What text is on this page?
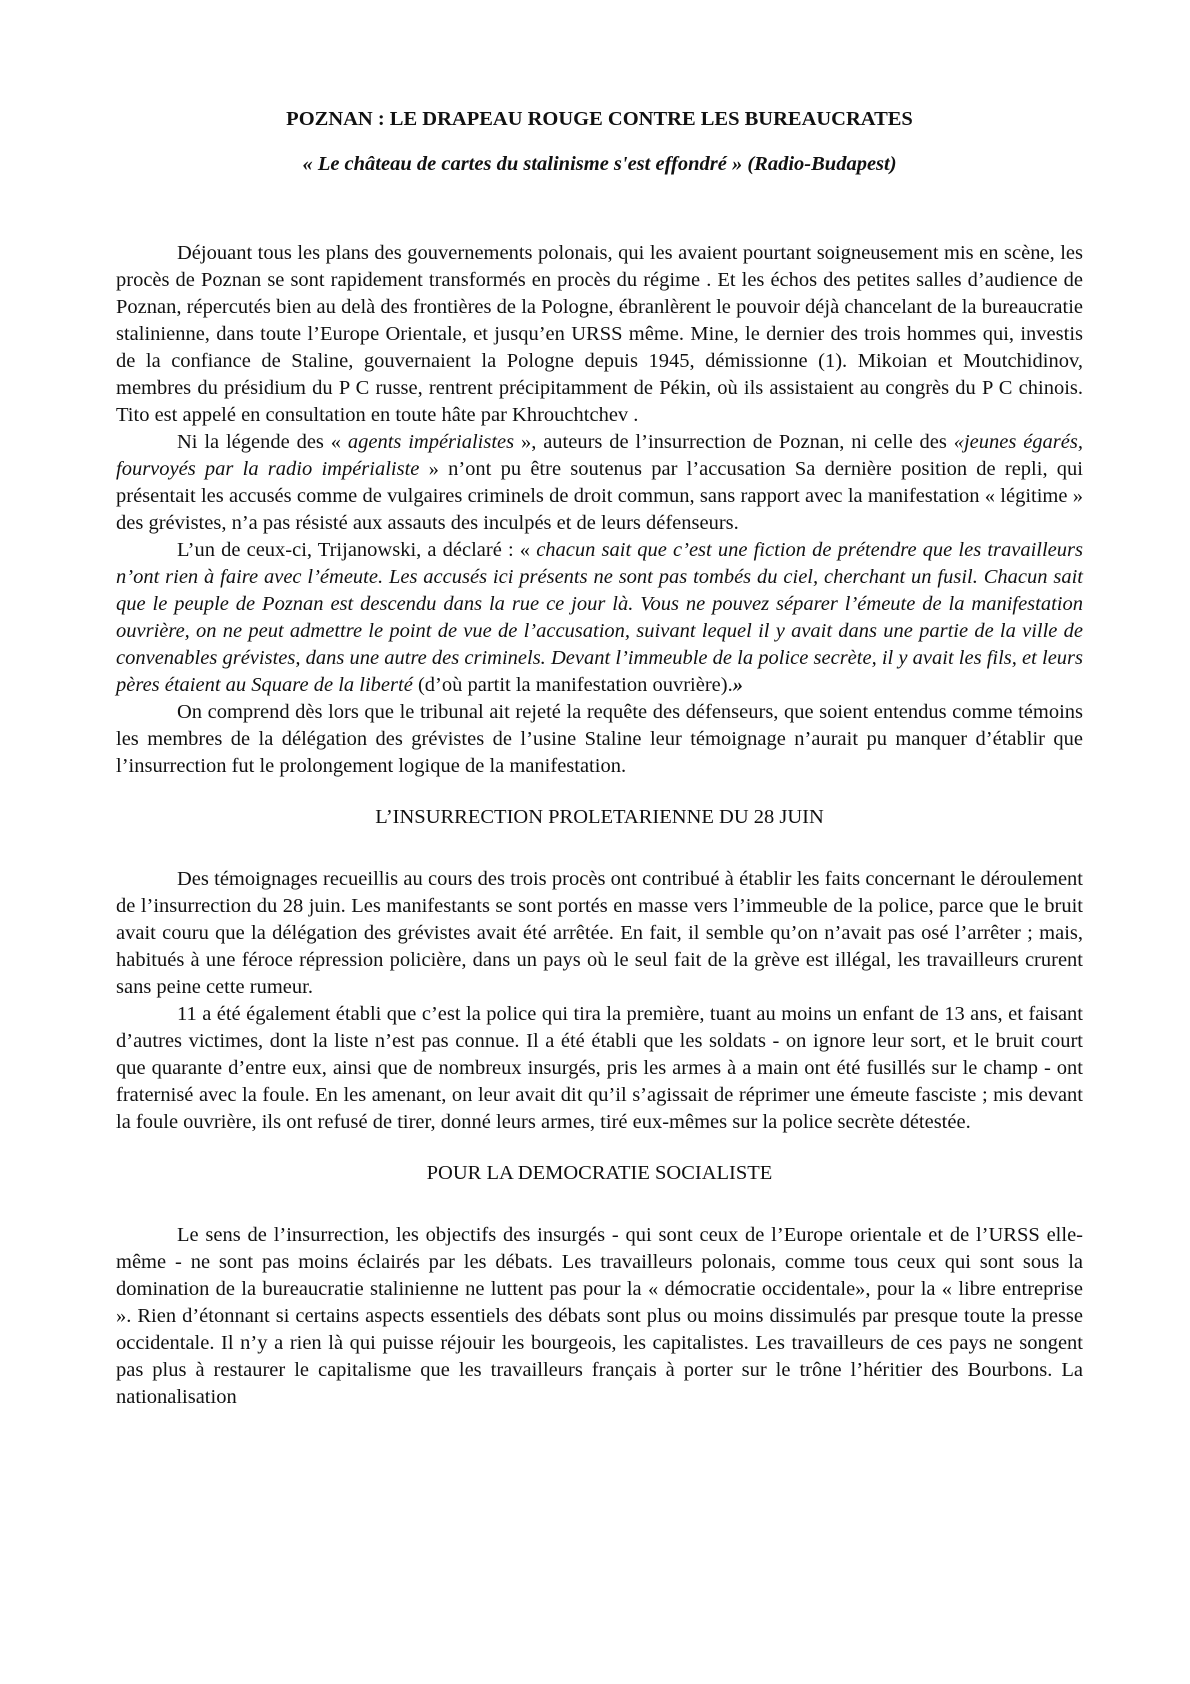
POZNAN : LE DRAPEAU ROUGE CONTRE LES BUREAUCRATES
« Le château de cartes du stalinisme s'est effondré » (Radio-Budapest)

Déjouant tous les plans des gouvernements polonais, qui les avaient pourtant soigneusement mis en scène, les procès de Poznan se sont rapidement transformés en procès du régime . Et les échos des petites salles d’audience de Poznan, répercutés bien au delà des frontières de la Pologne, ébranlèrent le pouvoir déjà chancelant de la bureaucratie stalinienne, dans toute l’Europe Orientale, et jusqu’en URSS même. Mine, le dernier des trois hommes qui, investis de la confiance de Staline, gouvernaient la Pologne depuis 1945, démissionne (1). Mikoian et Moutchidinov, membres du présidium du P C russe, rentrent précipitamment de Pékin, où ils assistaient au congrès du P C chinois. Tito est appelé en consultation en toute hâte par Khrouchtchev .

Ni la légende des « agents impérialistes », auteurs de l’insurrection de Poznan, ni celle des «jeunes égarés, fourvoyés par la radio impérialiste » n’ont pu être soutenus par l’accusation Sa dernière position de repli, qui présentait les accusés comme de vulgaires criminels de droit commun, sans rapport avec la manifestation « légitime » des grévistes, n’a pas résisté aux assauts des inculpés et de leurs défenseurs.

L’un de ceux-ci, Trijanowski, a déclaré : « chacun sait que c’est une fiction de prétendre que les travailleurs n’ont rien à faire avec l’émeute. Les accusés ici présents ne sont pas tombés du ciel, cherchant un fusil. Chacun sait que le peuple de Poznan est descendu dans la rue ce jour là. Vous ne pouvez séparer l’émeute de la manifestation ouvrière, on ne peut admettre le point de vue de l’accusation, suivant lequel il y avait dans une partie de la ville de convenables grévistes, dans une autre des criminels. Devant l’immeuble de la police secrète, il y avait les fils, et leurs pères étaient au Square de la liberté (d’où partit la manifestation ouvrière).»

On comprend dès lors que le tribunal ait rejeté la requête des défenseurs, que soient entendus comme témoins les membres de la délégation des grévistes de l’usine Staline leur témoignage n’aurait pu manquer d’établir que l’insurrection fut le prolongement logique de la manifestation.

L’INSURRECTION PROLETARIENNE DU 28 JUIN

Des témoignages recueillis au cours des trois procès ont contribué à établir les faits concernant le déroulement de l’insurrection du 28 juin. Les manifestants se sont portés en masse vers l’immeuble de la police, parce que le bruit avait couru que la délégation des grévistes avait été arrêtée. En fait, il semble qu’on n’avait pas osé l’arrêter ; mais, habitués à une féroce répression policière, dans un pays où le seul fait de la grève est illégal, les travailleurs crurent sans peine cette rumeur.

11 a été également établi que c’est la police qui tira la première, tuant au moins un enfant de 13 ans, et faisant d’autres victimes, dont la liste n’est pas connue. Il a été établi que les soldats - on ignore leur sort, et le bruit court que quarante d’entre eux, ainsi que de nombreux insurgés, pris les armes à a main ont été fusillés sur le champ - ont fraternisé avec la foule. En les amenant, on leur avait dit qu’il s’agissait de réprimer une émeute fasciste ; mis devant la foule ouvrière, ils ont refusé de tirer, donné leurs armes, tiré eux-mêmes sur la police secrète détestée.

POUR LA DEMOCRATIE SOCIALISTE

Le sens de l’insurrection, les objectifs des insurgés - qui sont ceux de l’Europe orientale et de l’URSS elle-même - ne sont pas moins éclairés par les débats. Les travailleurs polonais, comme tous ceux qui sont sous la domination de la bureaucratie stalinienne ne luttent pas pour la « démocratie occidentale», pour la « libre entreprise ». Rien d’étonnant si certains aspects essentiels des débats sont plus ou moins dissimulés par presque toute la presse occidentale. Il n’y a rien là qui puisse réjouir les bourgeois, les capitalistes. Les travailleurs de ces pays ne songent pas plus à restaurer le capitalisme que les travailleurs français à porter sur le trône l’héritier des Bourbons. La nationalisation
